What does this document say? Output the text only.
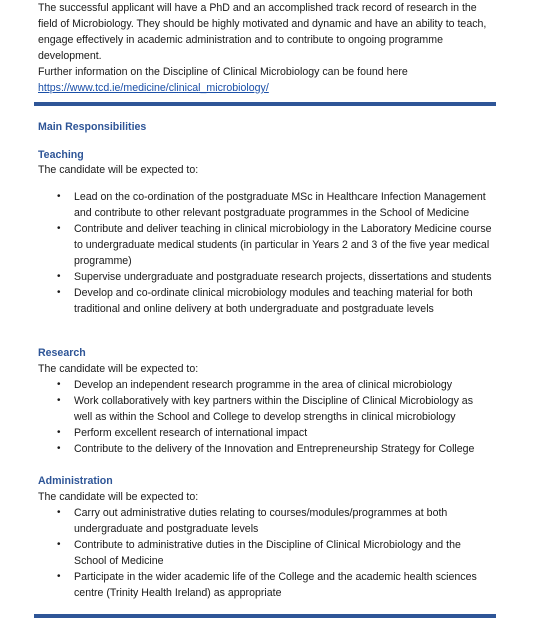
The successful applicant will have a PhD and an accomplished track record of research in the field of Microbiology. They should be highly motivated and dynamic and have an ability to teach, engage effectively in academic administration and to contribute to ongoing programme development.
Further information on the Discipline of Clinical Microbiology can be found here
https://www.tcd.ie/medicine/clinical_microbiology/
Main Responsibilities
Teaching
The candidate will be expected to:
• Lead on the co-ordination of the postgraduate MSc in Healthcare Infection Management and contribute to other relevant postgraduate programmes in the School of Medicine
• Contribute and deliver teaching in clinical microbiology in the Laboratory Medicine course to undergraduate medical students (in particular in Years 2 and 3 of the five year medical programme)
• Supervise undergraduate and postgraduate research projects, dissertations and students
• Develop and co-ordinate clinical microbiology modules and teaching material for both traditional and online delivery at both undergraduate and postgraduate levels
Research
The candidate will be expected to:
• Develop an independent research programme in the area of clinical microbiology
• Work collaboratively with key partners within the Discipline of Clinical Microbiology as well as within the School and College to develop strengths in clinical microbiology
• Perform excellent research of international impact
• Contribute to the delivery of the Innovation and Entrepreneurship Strategy for College
Administration
The candidate will be expected to:
• Carry out administrative duties relating to courses/modules/programmes at both undergraduate and postgraduate levels
• Contribute to administrative duties in the Discipline of Clinical Microbiology and the School of Medicine
• Participate in the wider academic life of the College and the academic health sciences centre (Trinity Health Ireland) as appropriate
